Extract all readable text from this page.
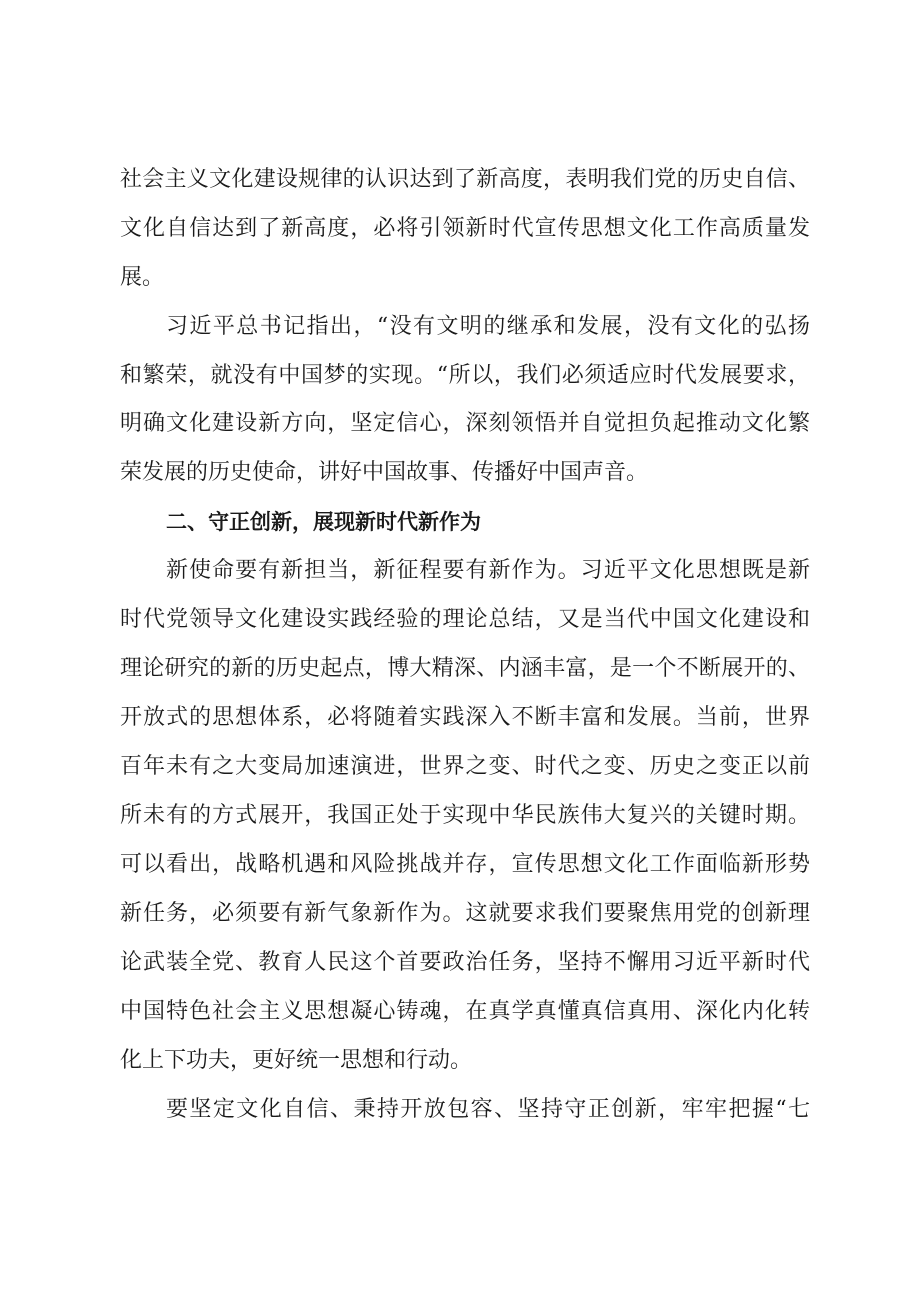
社会主义文化建设规律的认识达到了新高度，表明我们党的历史自信、
文化自信达到了新高度，必将引领新时代宣传思想文化工作高质量发
展。
习近平总书记指出，“没有文明的继承和发展，没有文化的弘扬
和繁荣，就没有中国梦的实现。“所以，我们必须适应时代发展要求，
明确文化建设新方向，坚定信心，深刻领悟并自觉担负起推动文化繁
荣发展的历史使命，讲好中国故事、传播好中国声音。
二、守正创新，展现新时代新作为
新使命要有新担当，新征程要有新作为。习近平文化思想既是新
时代党领导文化建设实践经验的理论总结，又是当代中国文化建设和
理论研究的新的历史起点，博大精深、内涵丰富，是一个不断展开的、
开放式的思想体系，必将随着实践深入不断丰富和发展。当前，世界
百年未有之大变局加速演进，世界之变、时代之变、历史之变正以前
所未有的方式展开，我国正处于实现中华民族伟大复兴的关键时期。
可以看出，战略机遇和风险挑战并存，宣传思想文化工作面临新形势
新任务，必须要有新气象新作为。这就要求我们要聚焦用党的创新理
论武装全党、教育人民这个首要政治任务，坚持不懈用习近平新时代
中国特色社会主义思想凝心铸魂，在真学真懂真信真用、深化内化转
化上下功夫，更好统一思想和行动。
要坚定文化自信、秉持开放包容、坚持守正创新，牢牢把握“七
